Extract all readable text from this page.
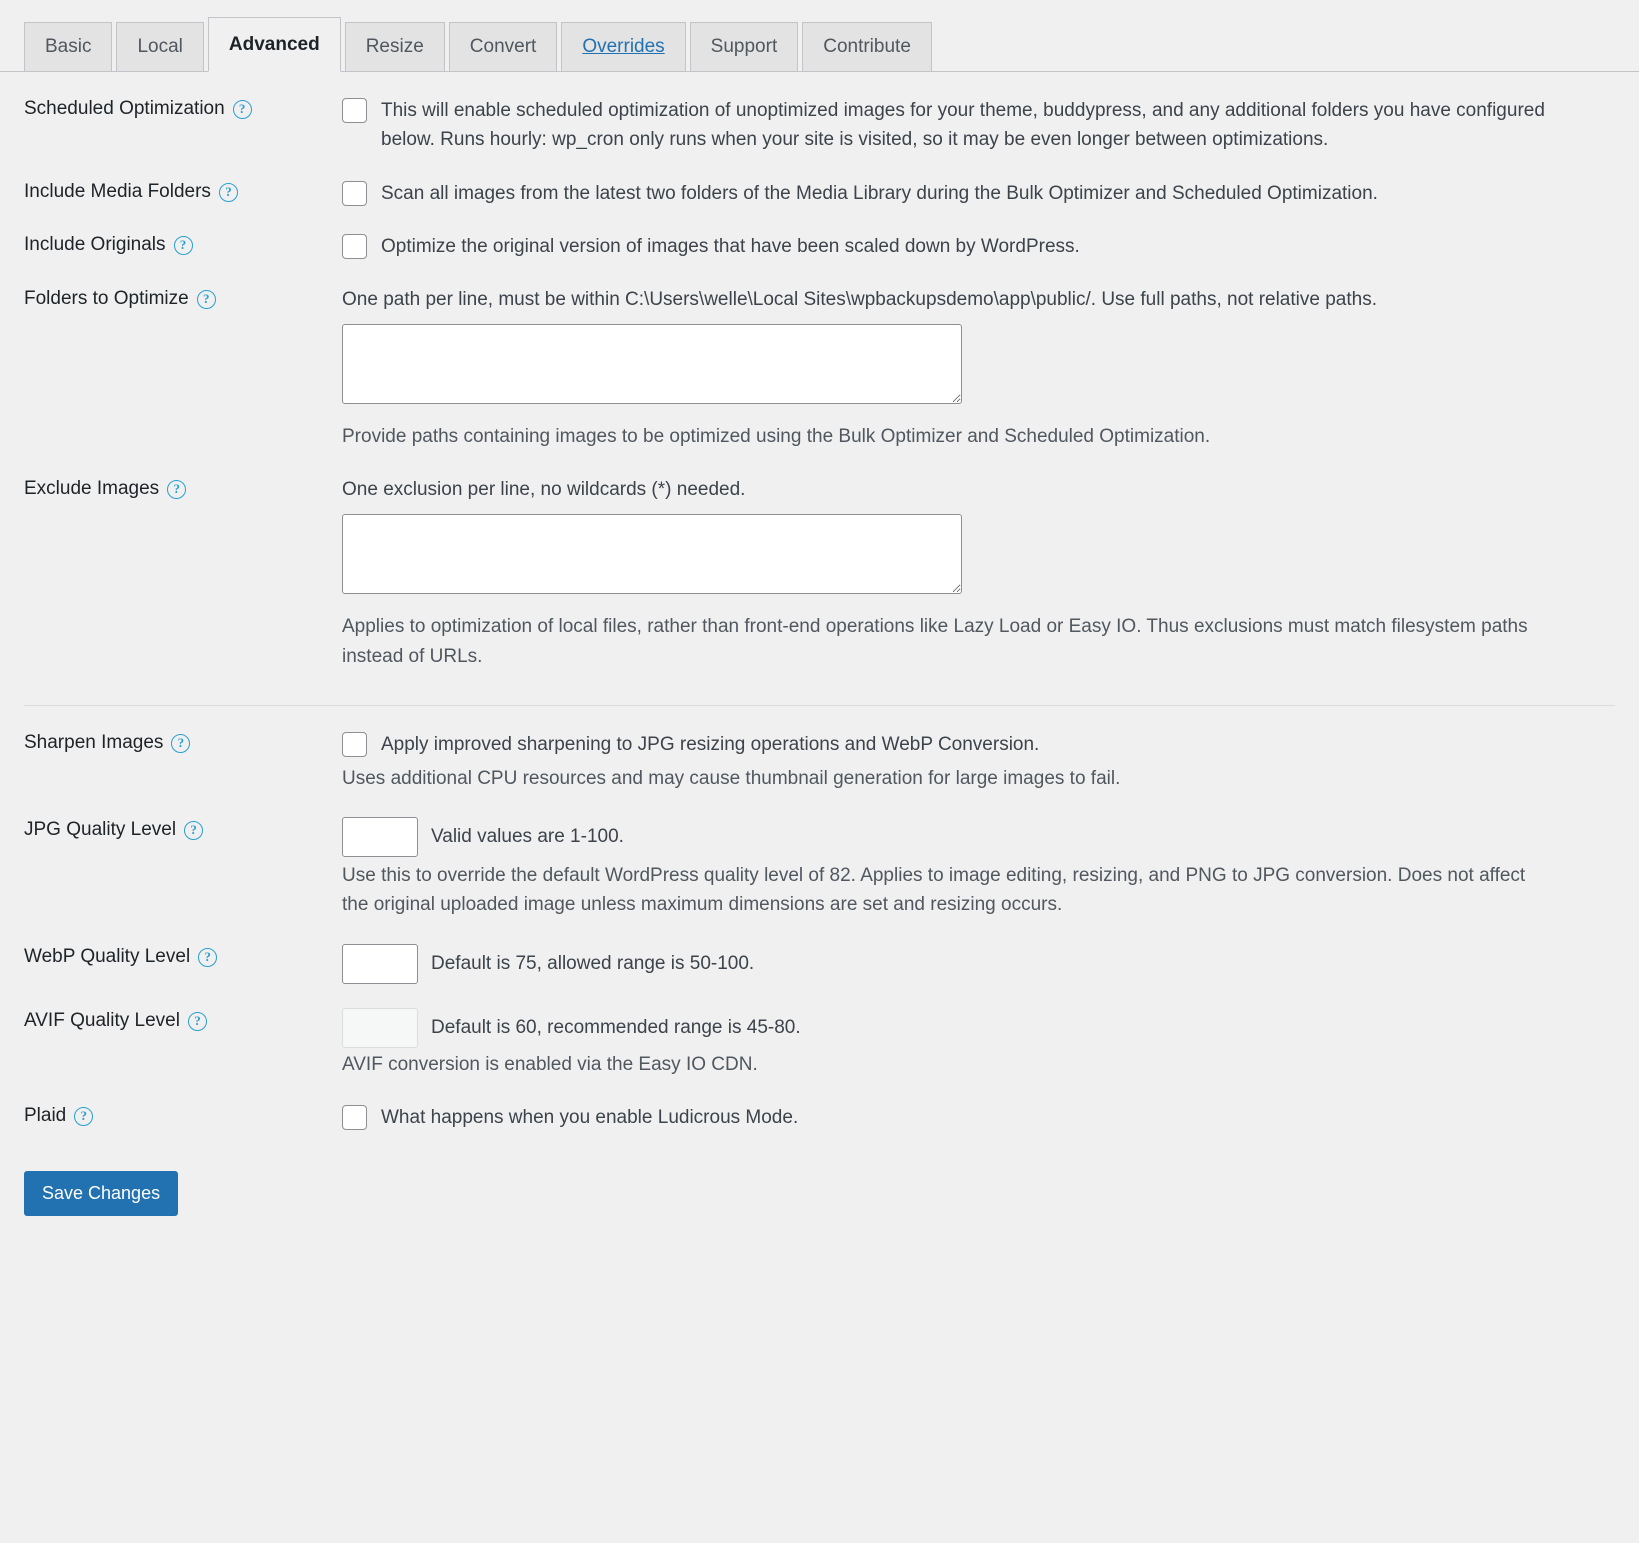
Basic	Local	Advanced	Resize	Convert	Overrides	Support	Contribute
Scheduled Optimization	?	This will enable scheduled optimization of unoptimized images for your theme, buddypress, and any additional folders you have configured below. Runs hourly: wp_cron only runs when your site is visited, so it may be even longer between optimizations.
Include Media Folders	?	Scan all images from the latest two folders of the Media Library during the Bulk Optimizer and Scheduled Optimization.
Include Originals	?	Optimize the original version of images that have been scaled down by WordPress.
Folders to Optimize	?	One path per line, must be within C:\Users\welle\Local Sites\wpbackupsdemo\app\public/. Use full paths, not relative paths.
Provide paths containing images to be optimized using the Bulk Optimizer and Scheduled Optimization.
Exclude Images	?	One exclusion per line, no wildcards (*) needed.
Applies to optimization of local files, rather than front-end operations like Lazy Load or Easy IO. Thus exclusions must match filesystem paths instead of URLs.
Sharpen Images	?	Apply improved sharpening to JPG resizing operations and WebP Conversion.
Uses additional CPU resources and may cause thumbnail generation for large images to fail.
JPG Quality Level	?	Valid values are 1-100.
Use this to override the default WordPress quality level of 82. Applies to image editing, resizing, and PNG to JPG conversion. Does not affect the original uploaded image unless maximum dimensions are set and resizing occurs.
WebP Quality Level	?	Default is 75, allowed range is 50-100.
AVIF Quality Level	?	Default is 60, recommended range is 45-80.
AVIF conversion is enabled via the Easy IO CDN.
Plaid	?	What happens when you enable Ludicrous Mode.
Save Changes
